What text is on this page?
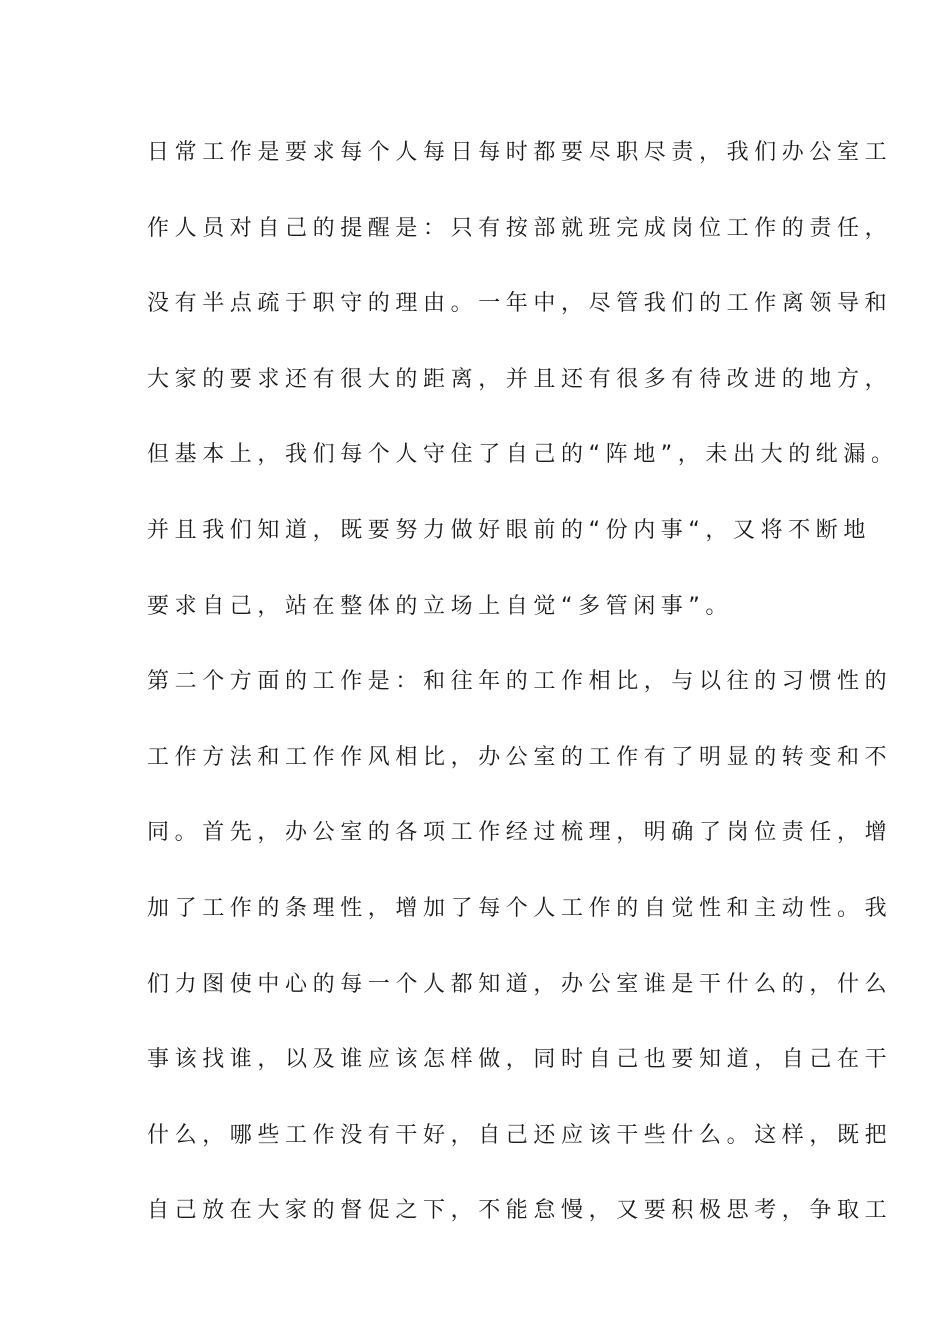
日常工作是要求每个人每日每时都要尽职尽责，我们办公室工
作人员对自己的提醒是：只有按部就班完成岗位工作的责任，
没有半点疏于职守的理由。一年中，尽管我们的工作离领导和
大家的要求还有很大的距离，并且还有很多有待改进的地方，
但基本上，我们每个人守住了自己的“阵地”，未出大的纰漏。
并且我们知道，既要努力做好眼前的“份内事“，又将不断地
要求自己，站在整体的立场上自觉“多管闲事”。
第二个方面的工作是：和往年的工作相比，与以往的习惯性的
工作方法和工作作风相比，办公室的工作有了明显的转变和不
同。首先，办公室的各项工作经过梳理，明确了岗位责任，增
加了工作的条理性，增加了每个人工作的自觉性和主动性。我
们力图使中心的每一个人都知道，办公室谁是干什么的，什么
事该找谁，以及谁应该怎样做，同时自己也要知道，自己在干
什么，哪些工作没有干好，自己还应该干些什么。这样，既把
自己放在大家的督促之下，不能怠慢，又要积极思考，争取工
